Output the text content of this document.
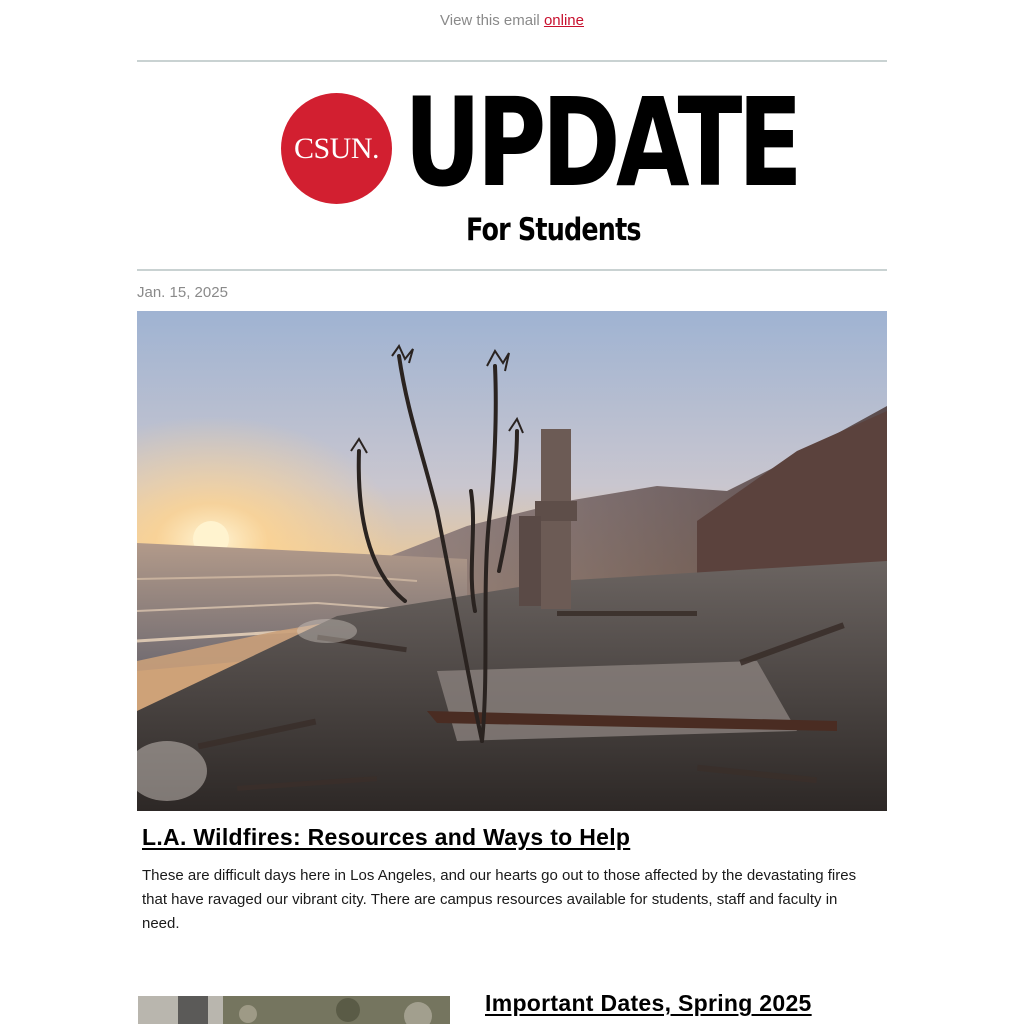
View this email online
CSUN. UPDATE
For Students
Jan. 15, 2025
L.A. Wildfires: Resources and Ways to Help
These are difficult days here in Los Angeles, and our hearts go out to those affected by the devastating fires that have ravaged our vibrant city. There are campus resources available for students, staff and faculty in need.
Important Dates, Spring 2025
